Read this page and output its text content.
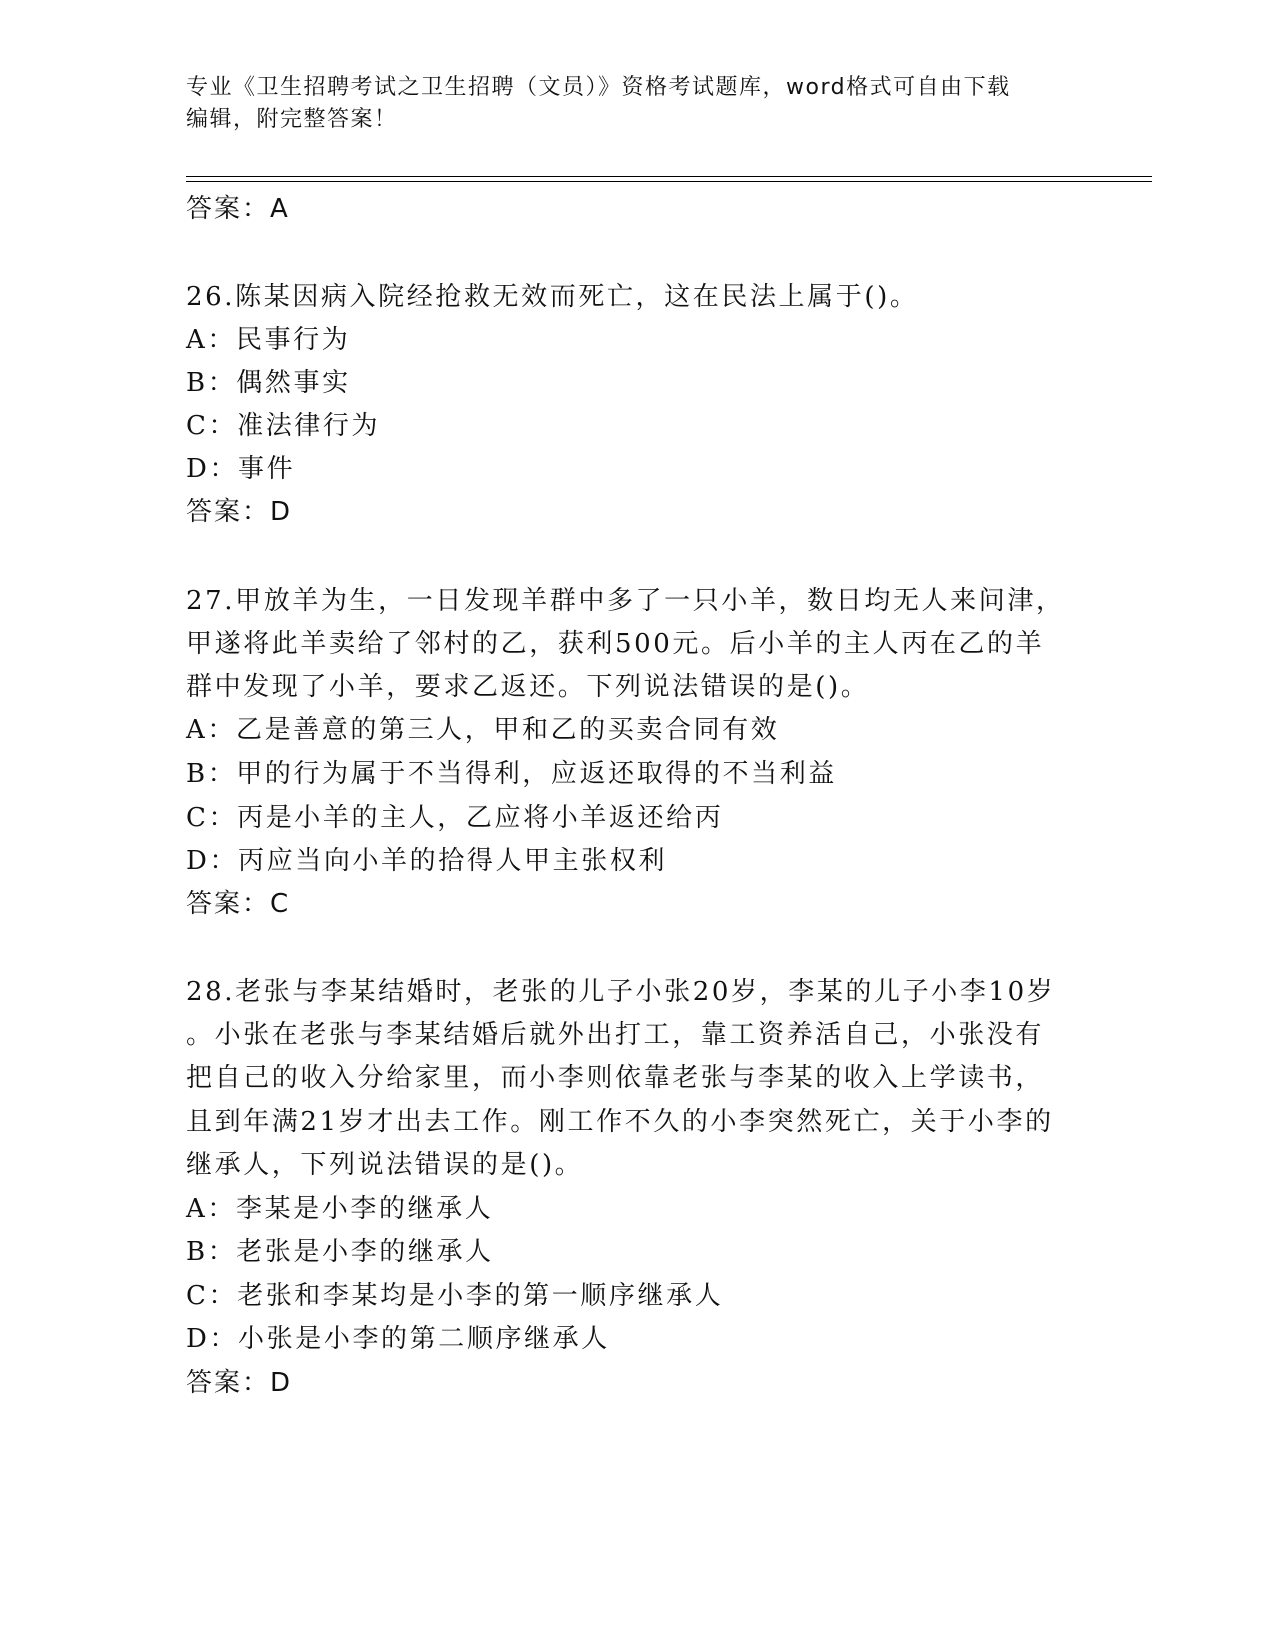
专业《卫生招聘考试之卫生招聘（文员）》资格考试题库，word格式可自由下载
编辑，附完整答案！
答案：A
26.陈某因病入院经抢救无效而死亡，这在民法上属于()。
A：民事行为
B：偶然事实
C：准法律行为
D：事件
答案：D
27.甲放羊为生，一日发现羊群中多了一只小羊，数日均无人来问津，
甲遂将此羊卖给了邻村的乙，获利500元。后小羊的主人丙在乙的羊
群中发现了小羊，要求乙返还。下列说法错误的是()。
A：乙是善意的第三人，甲和乙的买卖合同有效
B：甲的行为属于不当得利，应返还取得的不当利益
C：丙是小羊的主人，乙应将小羊返还给丙
D：丙应当向小羊的拾得人甲主张权利
答案：C
28.老张与李某结婚时，老张的儿子小张20岁，李某的儿子小李10岁
。小张在老张与李某结婚后就外出打工，靠工资养活自己，小张没有
把自己的收入分给家里，而小李则依靠老张与李某的收入上学读书，
且到年满21岁才出去工作。刚工作不久的小李突然死亡，关于小李的
继承人，下列说法错误的是()。
A：李某是小李的继承人
B：老张是小李的继承人
C：老张和李某均是小李的第一顺序继承人
D：小张是小李的第二顺序继承人
答案：D
